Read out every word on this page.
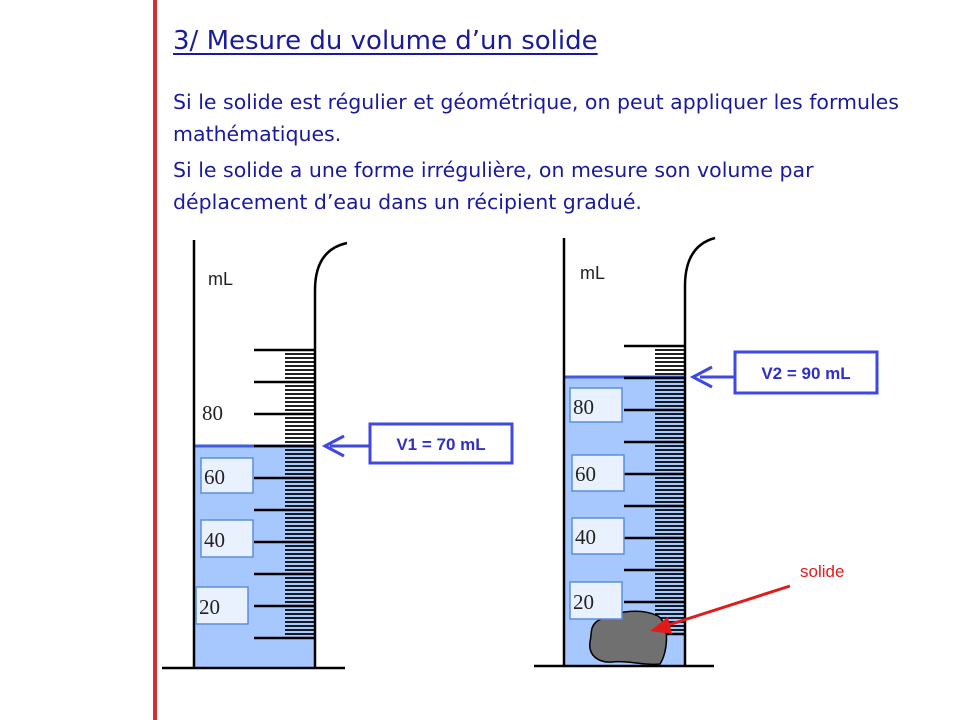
3/ Mesure du volume d’un solide
Si le solide est régulier et géométrique, on peut appliquer les formules mathématiques.
Si le solide a une forme irrégulière, on mesure son volume par déplacement d’eau dans un récipient gradué.
mL
80
60
40
20
V1 = 70 mL
mL
80
60
40
20
V2 = 90 mL
solide
